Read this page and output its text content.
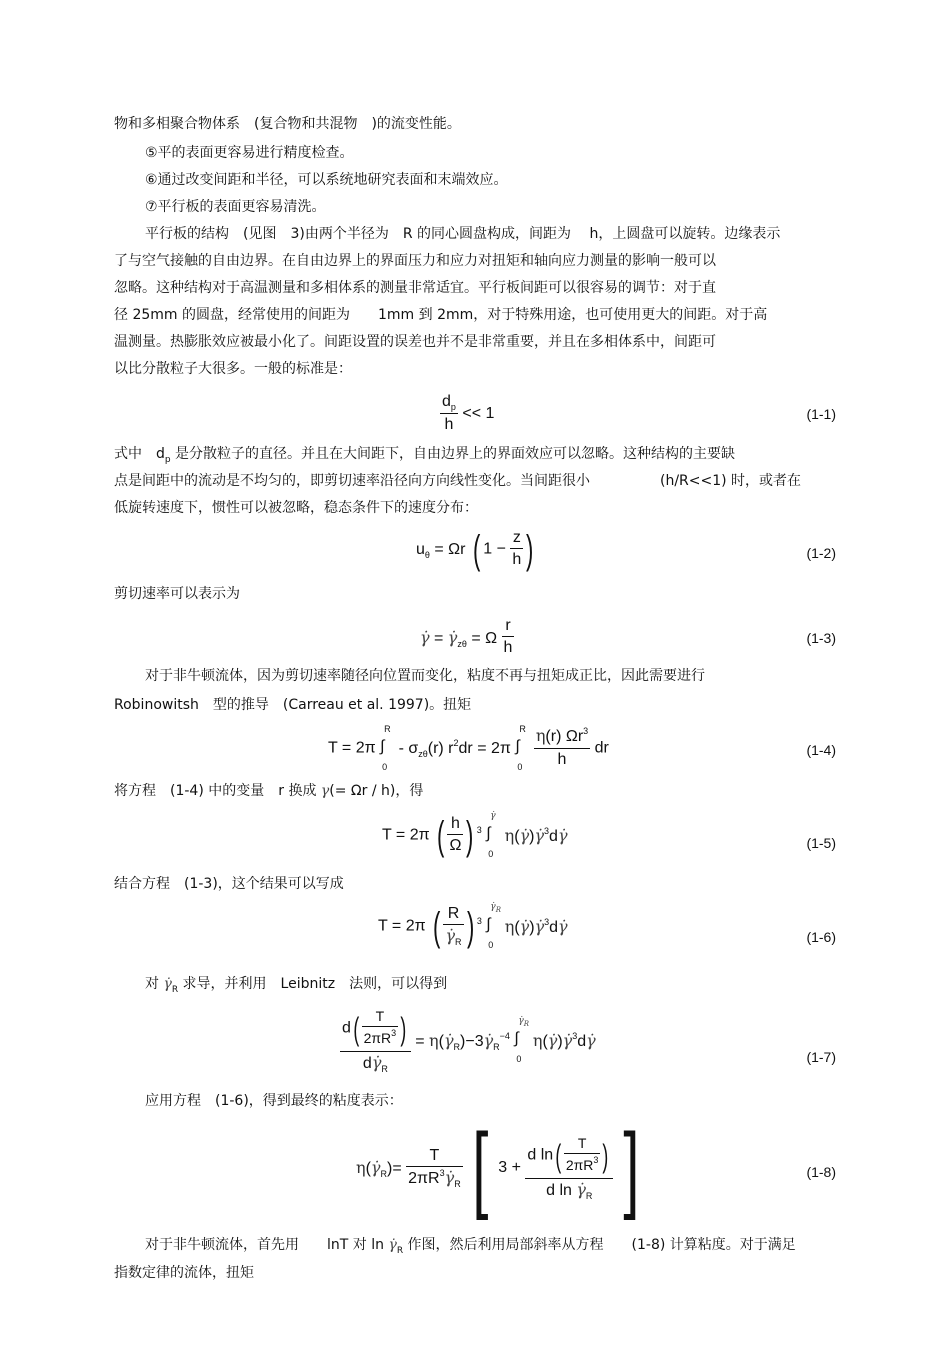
物和多相聚合物体系　(复合物和共混物　)的流变性能。
⑤平的表面更容易进行精度检查。
⑥通过改变间距和半径，可以系统地研究表面和末端效应。
⑦平行板的表面更容易清洗。
平行板的结构　(见图　3)由两个半径为　R 的同心圆盘构成，间距为　 h，上圆盘可以旋转。边缘表示
了与空气接触的自由边界。在自由边界上的界面压力和应力对扭矩和轴向应力测量的影响一般可以
忽略。这种结构对于高温测量和多相体系的测量非常适宜。平行板间距可以很容易的调节：对于直
径 25mm 的圆盘，经常使用的间距为　　1mm 到 2mm，对于特殊用途，也可使用更大的间距。对于高
温测量。热膨胀效应被最小化了。间距设置的误差也并不是非常重要，并且在多相体系中，间距可
以比分散粒子大很多。一般的标准是：
$\frac{d_p}{h} << 1$	(1-1)
式中　$d_p$ 是分散粒子的直径。并且在大间距下，自由边界上的界面效应可以忽略。这种结构的主要缺
点是间距中的流动是不均匀的，即剪切速率沿径向方向线性变化。当间距很小　　　　　(h/R<<1) 时，或者在
低旋转速度下，惯性可以被忽略，稳态条件下的速度分布：
$u_\theta = \Omega r$ ( $1 - \frac{z}{h}$ )	(1-2)
剪切速率可以表示为
γ̇ = $\gammȧ_{z\theta} = \Omega \frac{r}{h}$	(1-3)
对于非牛顿流体，因为剪切速率随径向位置而变化，粘度不再与扭矩成正比，因此需要进行
Robinowitsh　型的推导　(Carreau et al. 1997)。扭矩
T = 2π
R
∫
0
- $\sigma_{z\theta}(r) r^2dr = 2\pi$
R
∫
0
$\frac{\eta(r) \Omega r^3}{h}$ dr	(1-4)
将方程　(1-4) 中的变量　r 换成 γ(= Ωr / h)，得
T = 2π ( $\frac{h}{\Omega}$ ) $^3$
γ̇
∫
0
η(γ̇)γ̇$^3$dγ̇	(1-5)
结合方程　(1-3)，这个结果可以写成
T = 2π ( $\frac{R}{\gammȧ_R}$ ) $^3$
$\gammȧ_R$
∫
0
η(γ̇)γ̇$^3$dγ̇
(1-6)
对 $\gammȧ_R$ 求导，并利用　Leibnitz　法则，可以得到
$\frac{d( \frac{T}{2\pi R^3} )}{d\gammȧ_R}$ = $\eta(\gammȧ_R)-3\gammȧ_R^{-4}$
$\gammȧ_R$
∫
0
η(γ̇)γ̇$^3$dγ̇
(1-7)
应用方程　(1-6)，得到最终的粘度表示：
$\eta(\gammȧ_R)= \frac{T}{2\pi R^3\gammȧ_R}$ [ $3 + \frac{d \ln( \frac{T}{2\pi R^3} )}{d \ln \gammȧ_R}$ ]	(1-8)
对于非牛顿流体，首先用　　lnT 对 $\ln \gammȧ_R$ 作图，然后利用局部斜率从方程　　(1-8) 计算粘度。对于满足
指数定律的流体，扭矩
